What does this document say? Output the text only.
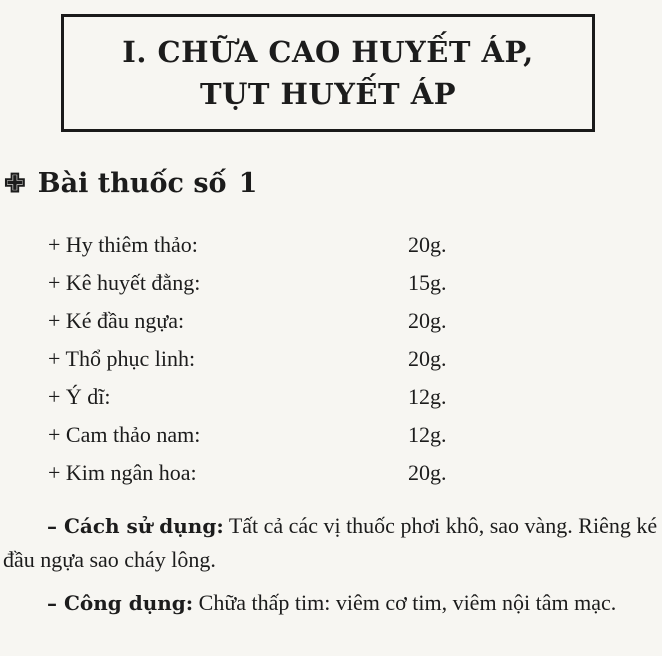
I. CHỮA CAO HUYẾT ÁP,
TỤT HUYẾT ÁP
✙ Bài thuốc số 1
+ Hy thiêm thảo:	20g.
+ Kê huyết đằng:	15g.
+ Ké đầu ngựa:	20g.
+ Thổ phục linh:	20g.
+ Ý dĩ:	12g.
+ Cam thảo nam:	12g.
+ Kim ngân hoa:	20g.
– Cách sử dụng: Tất cả các vị thuốc phơi khô, sao vàng. Riêng ké đầu ngựa sao cháy lông.
– Công dụng: Chữa thấp tim: viêm cơ tim, viêm nội tâm mạc.
